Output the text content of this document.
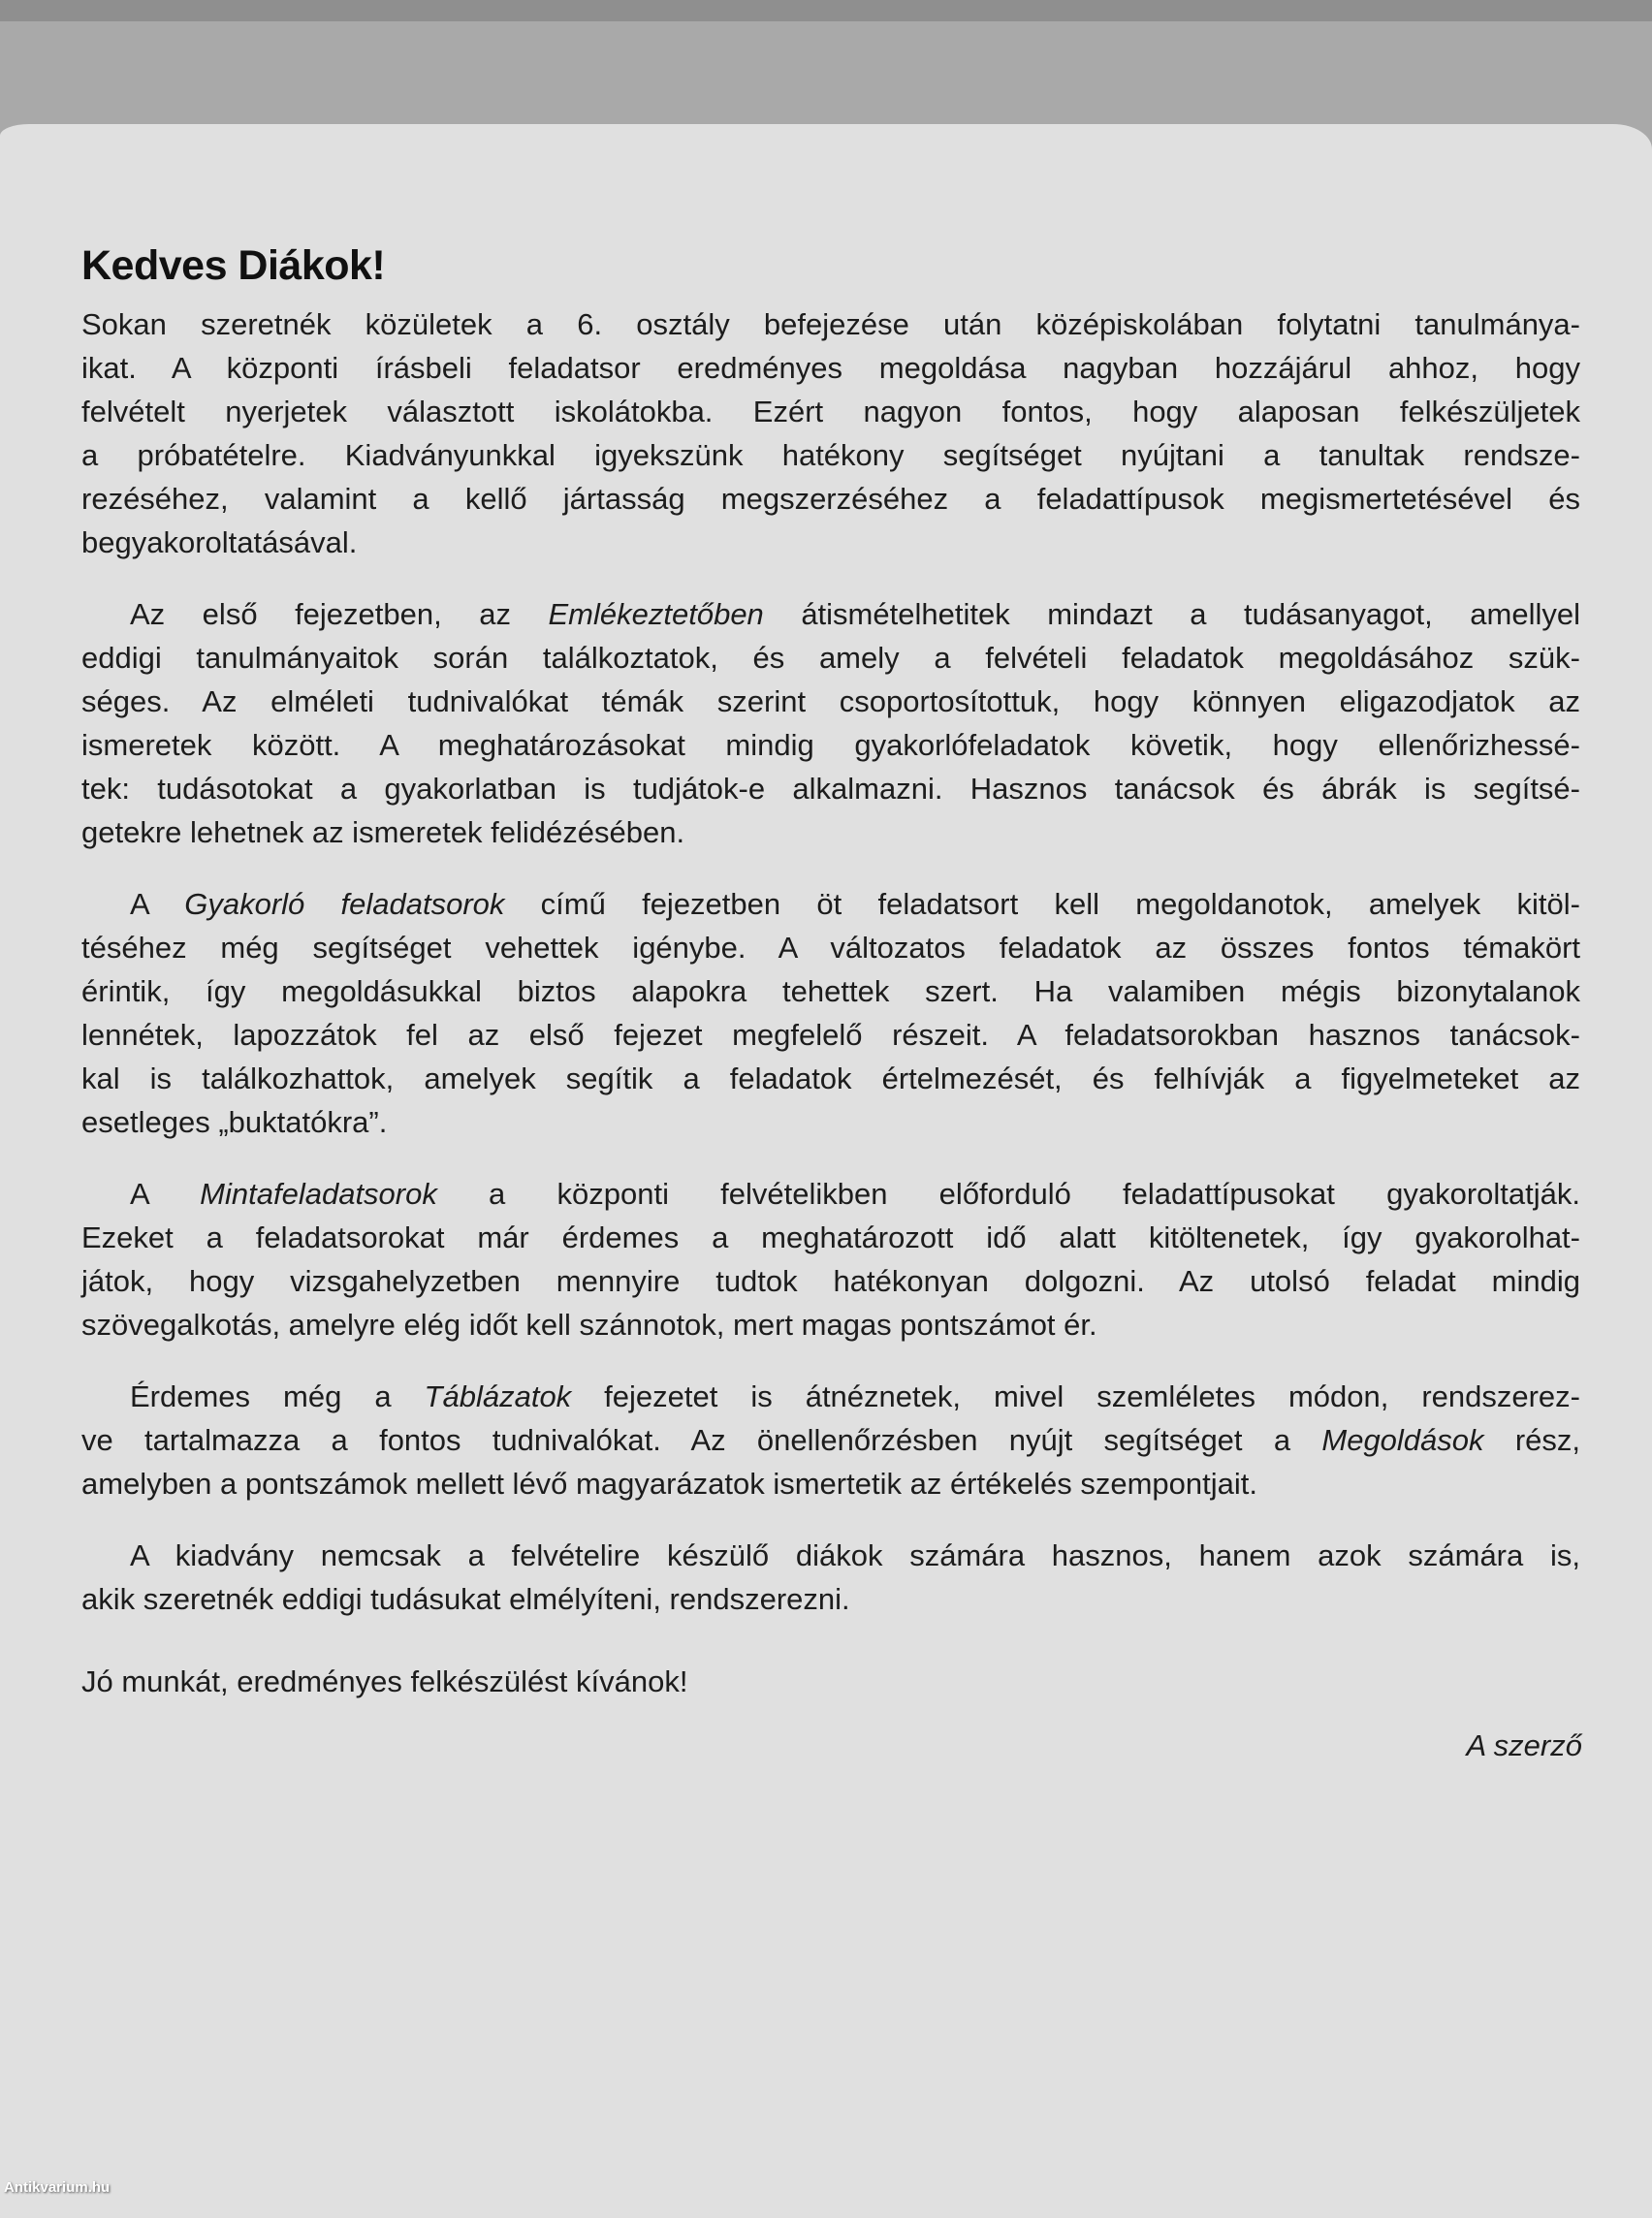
Kedves Diákok!
Sokan szeretnék közületek a 6. osztály befejezése után középiskolában folytatni tanulmánya-
ikat. A központi írásbeli feladatsor eredményes megoldása nagyban hozzájárul ahhoz, hogy
felvételt nyerjetek választott iskolátokba. Ezért nagyon fontos, hogy alaposan felkészüljetek
a próbatételre. Kiadványunkkal igyekszünk hatékony segítséget nyújtani a tanultak rendsze-
rezéséhez, valamint a kellő jártasság megszerzéséhez a feladattípusok megismertetésével és
begyakoroltatásával.
Az első fejezetben, az Emlékeztetőben átismételhetitek mindazt a tudásanyagot, amellyel
eddigi tanulmányaitok során találkoztatok, és amely a felvételi feladatok megoldásához szük-
séges. Az elméleti tudnivalókat témák szerint csoportosítottuk, hogy könnyen eligazodjatok az
ismeretek között. A meghatározásokat mindig gyakorlófeladatok követik, hogy ellenőrizhessé-
tek: tudásotokat a gyakorlatban is tudjátok-e alkalmazni. Hasznos tanácsok és ábrák is segítsé-
getekre lehetnek az ismeretek felidézésében.
A Gyakorló feladatsorok című fejezetben öt feladatsort kell megoldanotok, amelyek kitöl-
téséhez még segítséget vehettek igénybe. A változatos feladatok az összes fontos témakört
érintik, így megoldásukkal biztos alapokra tehettek szert. Ha valamiben mégis bizonytalanok
lennétek, lapozzátok fel az első fejezet megfelelő részeit. A feladatsorokban hasznos tanácsok-
kal is találkozhattok, amelyek segítik a feladatok értelmezését, és felhívják a figyelmeteket az
esetleges „buktatókra”.
A Mintafeladatsorok a központi felvételikben előforduló feladattípusokat gyakoroltatják.
Ezeket a feladatsorokat már érdemes a meghatározott idő alatt kitöltenetek, így gyakorolhat-
játok, hogy vizsgahelyzetben mennyire tudtok hatékonyan dolgozni. Az utolsó feladat mindig
szövegalkotás, amelyre elég időt kell szánnotok, mert magas pontszámot ér.
Érdemes még a Táblázatok fejezetet is átnéznetek, mivel szemléletes módon, rendszerez-
ve tartalmazza a fontos tudnivalókat. Az önellenőrzésben nyújt segítséget a Megoldások rész,
amelyben a pontszámok mellett lévő magyarázatok ismertetik az értékelés szempontjait.
A kiadvány nemcsak a felvételire készülő diákok számára hasznos, hanem azok számára is,
akik szeretnék eddigi tudásukat elmélyíteni, rendszerezni.
Jó munkát, eredményes felkészülést kívánok!
A szerző
Antikvarium.hu
